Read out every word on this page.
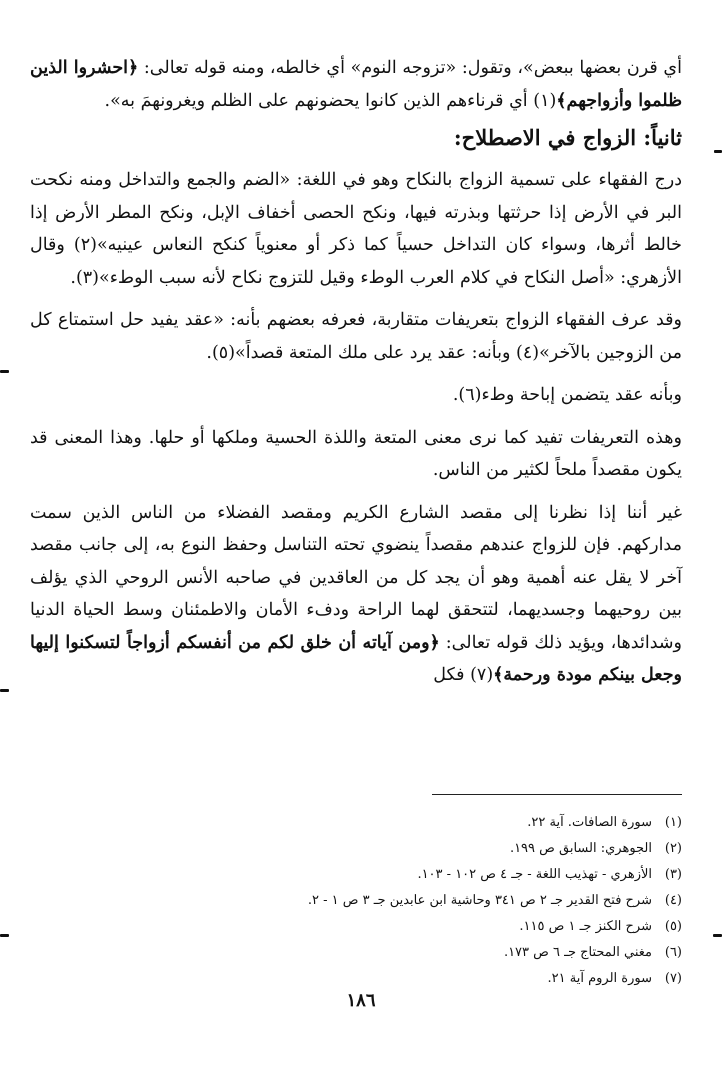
أي قرن بعضها ببعض»، وتقول: «تزوجه النوم» أي خالطه، ومنه قوله تعالى: ﴿احشروا الذين ظلموا وأزواجهم﴾(١) أي قرناءهم الذين كانوا يحضونهم على الظلم ويغرونهمَ به».

ثانياً: الزواج في الاصطلاح:

درج الفقهاء على تسمية الزواج بالنكاح وهو في اللغة: «الضم والجمع والتداخل ومنه نكحت البر في الأرض إذا حرثتها وبذرته فيها، ونكح الحصى أخفاف الإبل، ونكح المطر الأرض إذا خالط أثرها، وسواء كان التداخل حسياً كما ذكر أو معنوياً كنكح النعاس عينيه»(٢) وقال الأزهري: «أصل النكاح في كلام العرب الوطء وقيل للتزوج نكاح لأنه سبب الوطء»(٣).

وقد عرف الفقهاء الزواج بتعريفات متقاربة، فعرفه بعضهم بأنه: «عقد يفيد حل استمتاع كل من الزوجين بالآخر»(٤) وبأنه: عقد يرد على ملك المتعة قصداً»(٥).

وبأنه عقد يتضمن إباحة وطء(٦).

وهذه التعريفات تفيد كما نرى معنى المتعة واللذة الحسية وملكها أو حلها. وهذا المعنى قد يكون مقصداً ملحاً لكثير من الناس.

غير أننا إذا نظرنا إلى مقصد الشارع الكريم ومقصد الفضلاء من الناس الذين سمت مداركهم. فإن للزواج عندهم مقصداً ينضوي تحته التناسل وحفظ النوع به، إلى جانب مقصد آخر لا يقل عنه أهمية وهو أن يجد كل من العاقدين في صاحبه الأنس الروحي الذي يؤلف بين روحيهما وجسديهما، لتتحقق لهما الراحة ودفء الأمان والاطمئنان وسط الحياة الدنيا وشدائدها، ويؤيد ذلك قوله تعالى: ﴿ومن آياته أن خلق لكم من أنفسكم أزواجاً لتسكنوا إليها وجعل بينكم مودة ورحمة﴾(٧) فكل

(١)
سورة الصافات. آية ٢٢.
(٢)
الجوهري: السابق ص ١٩٩.
(٣)
الأزهري - تهذيب اللغة - جـ ٤ ص ١٠٢ - ١٠٣.
(٤)
شرح فتح القدير جـ ٢ ص ٣٤١ وحاشية ابن عابدين جـ ٣ ص ١ - ٢.
(٥)
شرح الكنز جـ ١ ص ١١٥.
(٦)
مغني المحتاج جـ ٦ ص ١٧٣.
(٧)
سورة الروم آية ٢١.
١٨٦
